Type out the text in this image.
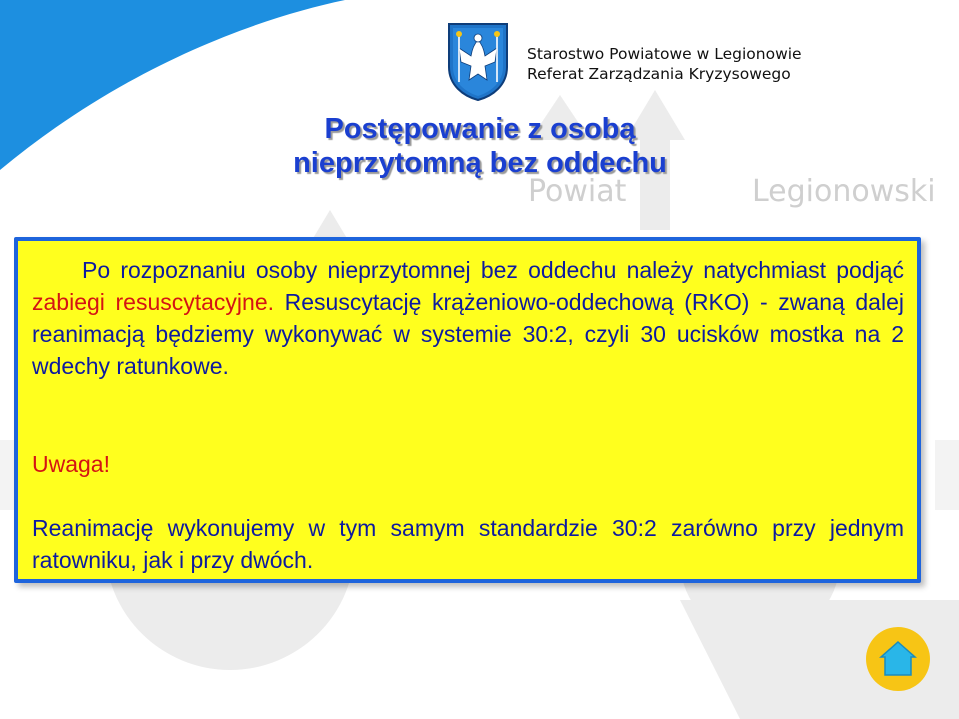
Powiat	Legionowski
Starostwo Powiatowe w Legionowie
Referat Zarządzania Kryzysowego
Postępowanie z osobą
nieprzytomną bez oddechu

Po rozpoznaniu osoby nieprzytomnej bez oddechu należy natychmiast podjąć zabiegi resuscytacyjne. Resuscytację krążeniowo-oddechową (RKO) - zwaną dalej reanimacją będziemy wykonywać w systemie 30:2, czyli 30 ucisków mostka na 2 wdechy ratunkowe.

Uwaga!

Reanimację wykonujemy w tym samym standardzie 30:2 zarówno przy jednym ratowniku, jak i przy dwóch.
